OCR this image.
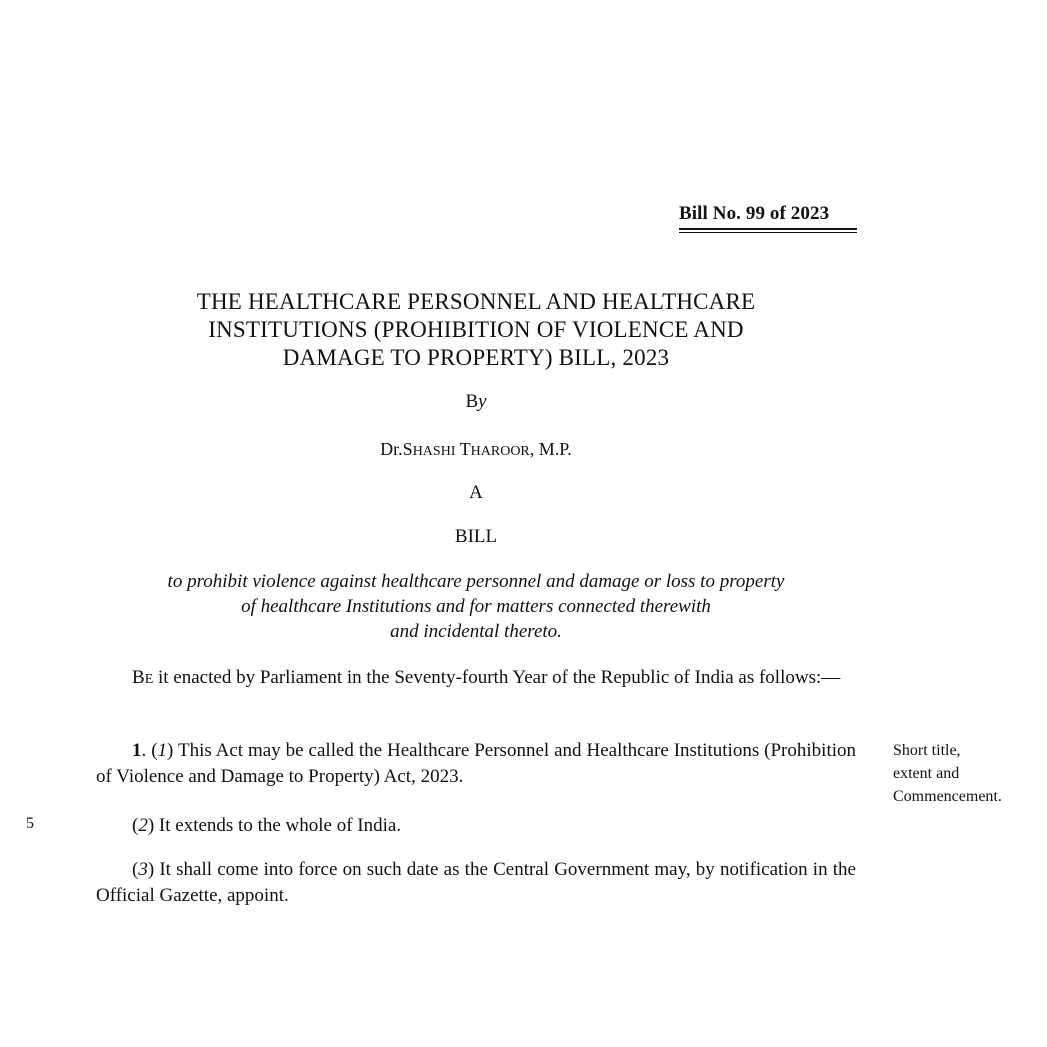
Bill No. 99 of 2023
THE HEALTHCARE PERSONNEL AND HEALTHCARE
INSTITUTIONS (PROHIBITION OF VIOLENCE AND
DAMAGE TO PROPERTY) BILL, 2023
By
Dr.SHASHI THAROOR, M.P.
A
BILL
to prohibit violence against healthcare personnel and damage or loss to property
of healthcare Institutions and for matters connected therewith
and incidental thereto.
BE it enacted by Parliament in the Seventy-fourth Year of the Republic of India as follows:—
1. (1) This Act may be called the Healthcare Personnel and Healthcare Institutions (Prohibition of Violence and Damage to Property) Act, 2023.
(2) It extends to the whole of India.
(3) It shall come into force on such date as the Central Government may, by notification in the Official Gazette, appoint.
Short title,
extent and
Commencement.
5
